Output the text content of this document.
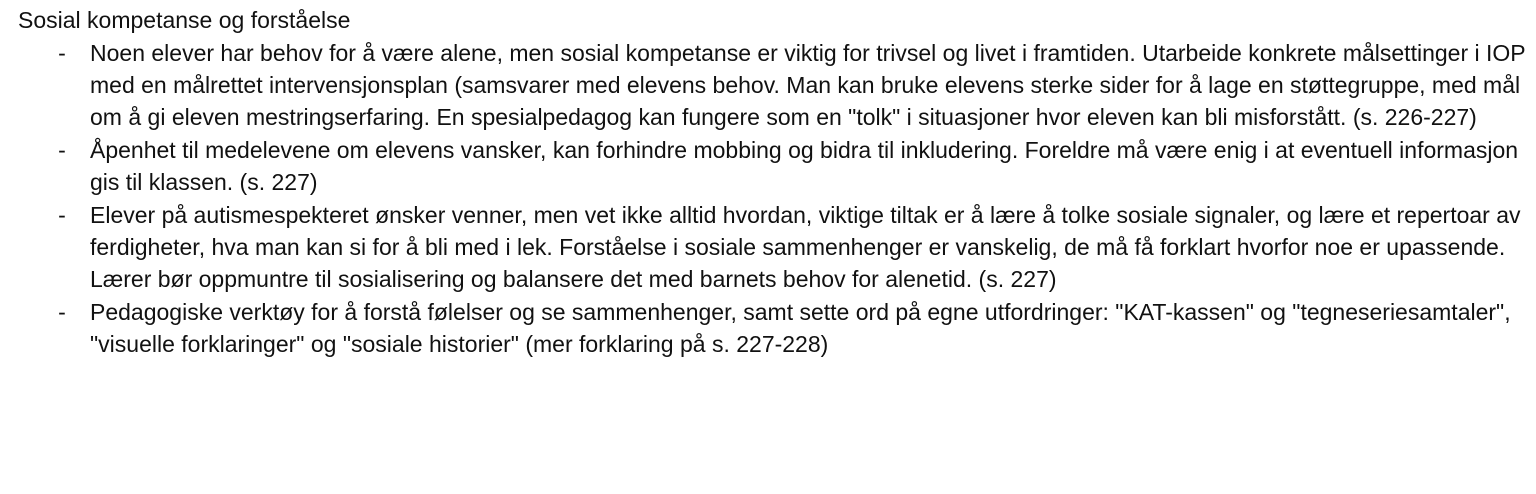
Sosial kompetanse og forståelse
- Noen elever har behov for å være alene, men sosial kompetanse er viktig for trivsel og livet i framtiden. Utarbeide konkrete målsettinger i IOP med en målrettet intervensjonsplan (samsvarer med elevens behov. Man kan bruke elevens sterke sider for å lage en støttegruppe, med mål om å gi eleven mestringserfaring. En spesialpedagog kan fungere som en "tolk" i situasjoner hvor eleven kan bli misforstått. (s. 226-227)
- Åpenhet til medelevene om elevens vansker, kan forhindre mobbing og bidra til inkludering. Foreldre må være enig i at eventuell informasjon gis til klassen. (s. 227)
- Elever på autismespekteret ønsker venner, men vet ikke alltid hvordan, viktige tiltak er å lære å tolke sosiale signaler, og lære et repertoar av ferdigheter, hva man kan si for å bli med i lek. Forståelse i sosiale sammenhenger er vanskelig, de må få forklart hvorfor noe er upassende. Lærer bør oppmuntre til sosialisering og balansere det med barnets behov for alenetid. (s. 227)
- Pedagogiske verktøy for å forstå følelser og se sammenhenger, samt sette ord på egne utfordringer: "KAT-kassen" og "tegneseriesamtaler", "visuelle forklaringer" og "sosiale historier" (mer forklaring på s. 227-228)
